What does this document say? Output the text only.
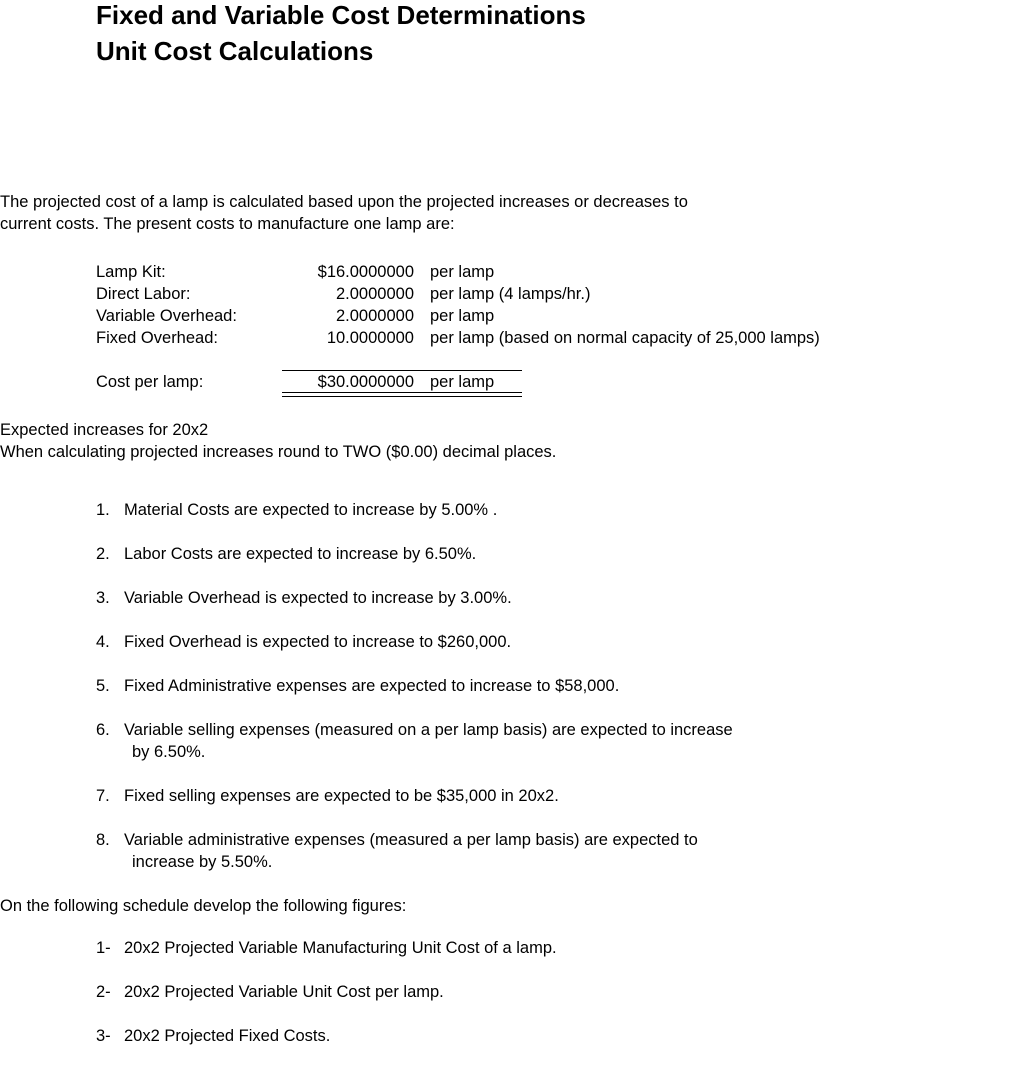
Fixed and Variable Cost Determinations
Unit Cost Calculations
The projected cost of a lamp is calculated based upon the projected increases or decreases to
current costs. The present costs to manufacture one lamp are:
Lamp Kit:	$16.0000000 per lamp
Direct Labor:	2.0000000 per lamp (4 lamps/hr.)
Variable Overhead:	2.0000000 per lamp
Fixed Overhead:	10.0000000 per lamp (based on normal capacity of 25,000 lamps)
Cost per lamp:	$30.0000000 per lamp
Expected increases for 20x2
When calculating projected increases round to TWO ($0.00) decimal places.
1. Material Costs are expected to increase by 5.00% .
2. Labor Costs are expected to increase by 6.50%.
3. Variable Overhead is expected to increase by 3.00%.
4. Fixed Overhead is expected to increase to $260,000.
5. Fixed Administrative expenses are expected to increase to $58,000.
6. Variable selling expenses (measured on a per lamp basis) are expected to increase
by 6.50%.
7. Fixed selling expenses are expected to be $35,000 in 20x2.
8. Variable administrative expenses (measured a per lamp basis) are expected to
increase by 5.50%.
On the following schedule develop the following figures:
1- 20x2 Projected Variable Manufacturing Unit Cost of a lamp.
2- 20x2 Projected Variable Unit Cost per lamp.
3- 20x2 Projected Fixed Costs.
